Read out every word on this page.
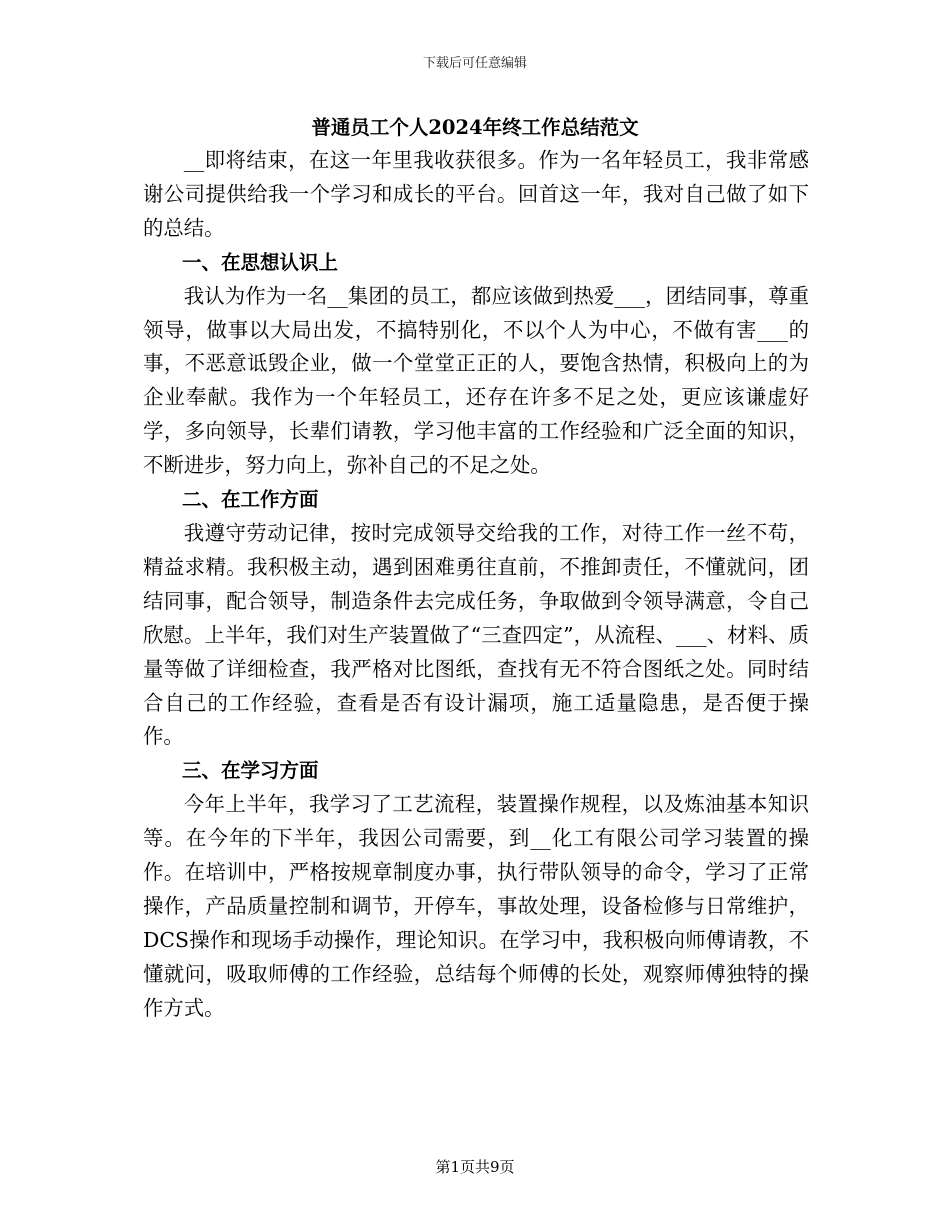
下载后可任意编辑
普通员工个人2024年终工作总结范文

__即将结束，在这一年里我收获很多。作为一名年轻员工，我非常感谢公司提供给我一个学习和成长的平台。回首这一年，我对自己做了如下的总结。

一、在思想认识上

我认为作为一名__集团的员工，都应该做到热爱___，团结同事，尊重领导，做事以大局出发，不搞特别化，不以个人为中心，不做有害___的事，不恶意诋毁企业，做一个堂堂正正的人，要饱含热情，积极向上的为企业奉献。我作为一个年轻员工，还存在许多不足之处，更应该谦虚好学，多向领导，长辈们请教，学习他丰富的工作经验和广泛全面的知识，不断进步，努力向上，弥补自己的不足之处。

二、在工作方面

我遵守劳动记律，按时完成领导交给我的工作，对待工作一丝不苟，精益求精。我积极主动，遇到困难勇往直前，不推卸责任，不懂就问，团结同事，配合领导，制造条件去完成任务，争取做到令领导满意，令自己欣慰。上半年，我们对生产装置做了“三查四定”，从流程、___、材料、质量等做了详细检查，我严格对比图纸，查找有无不符合图纸之处。同时结合自己的工作经验，查看是否有设计漏项，施工适量隐患，是否便于操作。

三、在学习方面

今年上半年，我学习了工艺流程，装置操作规程，以及炼油基本知识等。在今年的下半年，我因公司需要，到__化工有限公司学习装置的操作。在培训中，严格按规章制度办事，执行带队领导的命令，学习了正常操作，产品质量控制和调节，开停车，事故处理，设备检修与日常维护，DCS操作和现场手动操作，理论知识。在学习中，我积极向师傅请教，不懂就问，吸取师傅的工作经验，总结每个师傅的长处，观察师傅独特的操作方式。

第1页共9页
